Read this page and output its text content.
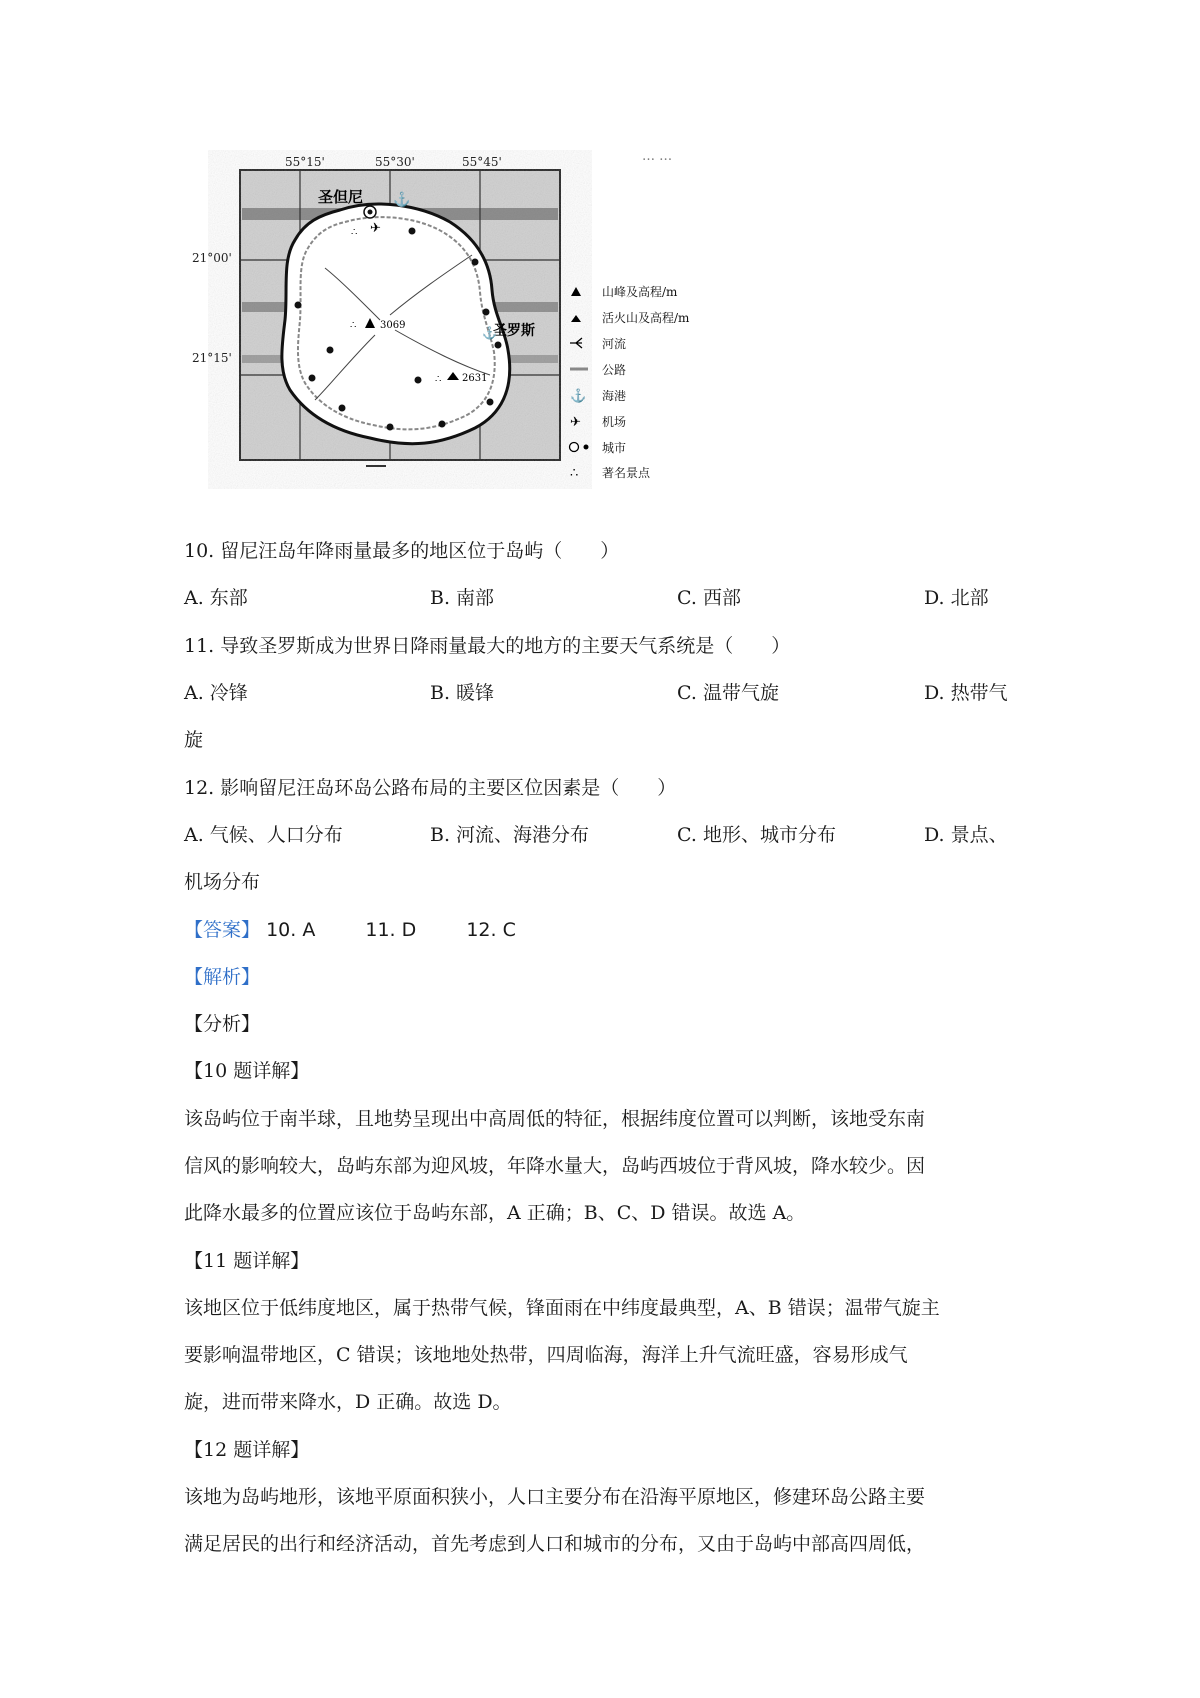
… …
55°15'	55°30'	55°45'
21°00'
21°15'
圣但尼 ⚓
✈
∴
3069
∴
2631
∴
圣罗斯
⚓
山峰及高程/m
活火山及高程/m
河流
公路
⚓ 海港
✈ 机场
城市
∴ 著名景点
10. 留尼汪岛年降雨量最多的地区位于岛屿（　　）
A. 东部	B. 南部	C. 西部	D. 北部
11. 导致圣罗斯成为世界日降雨量最大的地方的主要天气系统是（　　）
A. 冷锋	B. 暖锋	C. 温带气旋	D. 热带气
旋
12. 影响留尼汪岛环岛公路布局的主要区位因素是（　　）
A. 气候、人口分布	B. 河流、海港分布	C. 地形、城市分布	D. 景点、
机场分布
【答案】 10. A	11. D	12. C
【解析】
【分析】
【10 题详解】
该岛屿位于南半球，且地势呈现出中高周低的特征，根据纬度位置可以判断，该地受东南
信风的影响较大，岛屿东部为迎风坡，年降水量大，岛屿西坡位于背风坡，降水较少。因
此降水最多的位置应该位于岛屿东部，A 正确；B、C、D 错误。故选 A。
【11 题详解】
该地区位于低纬度地区，属于热带气候，锋面雨在中纬度最典型，A、B 错误；温带气旋主
要影响温带地区，C 错误；该地地处热带，四周临海，海洋上升气流旺盛，容易形成气
旋，进而带来降水，D 正确。故选 D。
【12 题详解】
该地为岛屿地形，该地平原面积狭小，人口主要分布在沿海平原地区，修建环岛公路主要
满足居民的出行和经济活动，首先考虑到人口和城市的分布，又由于岛屿中部高四周低，
